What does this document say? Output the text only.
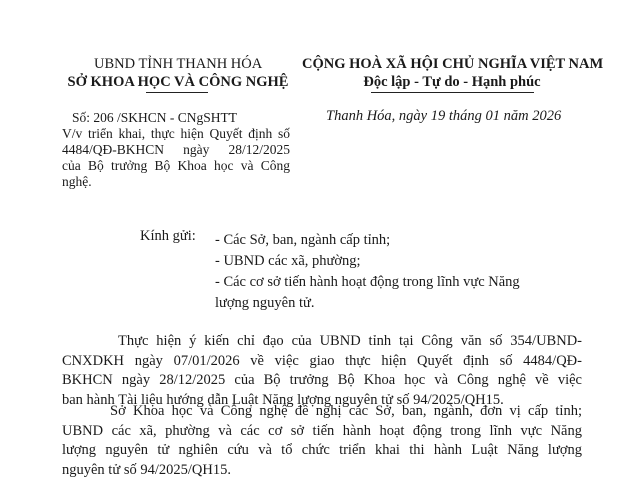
UBND TỈNH THANH HÓA
SỞ KHOA HỌC VÀ CÔNG NGHỆ
CỘNG HOÀ XÃ HỘI CHỦ NGHĨA VIỆT NAM
Độc lập - Tự do - Hạnh phúc
Số: 206 /SKHCN - CNgSHTT
V/v triển khai, thực hiện Quyết định số
4484/QĐ-BKHCN ngày 28/12/2025
của Bộ trưởng Bộ Khoa học và Công
nghệ.
Thanh Hóa, ngày 19 tháng 01 năm 2026
Kính gửi: - Các Sở, ban, ngành cấp tỉnh;
- UBND các xã, phường;
- Các cơ sở tiến hành hoạt động trong lĩnh vực Năng
lượng nguyên tử.
Thực hiện ý kiến chỉ đạo của UBND tỉnh tại Công văn số 354/UBND-
CNXDKH ngày 07/01/2026 về việc giao thực hiện Quyết định số 4484/QĐ-
BKHCN ngày 28/12/2025 của Bộ trưởng Bộ Khoa học và Công nghệ về việc
ban hành Tài liệu hướng dẫn Luật Năng lượng nguyên tử số 94/2025/QH15.
Sở Khoa học và Công nghệ đề nghị các Sở, ban, ngành, đơn vị cấp tỉnh;
UBND các xã, phường và các cơ sở tiến hành hoạt động trong lĩnh vực Năng
lượng nguyên tử nghiên cứu và tổ chức triển khai thi hành Luật Năng lượng
nguyên tử số 94/2025/QH15.
